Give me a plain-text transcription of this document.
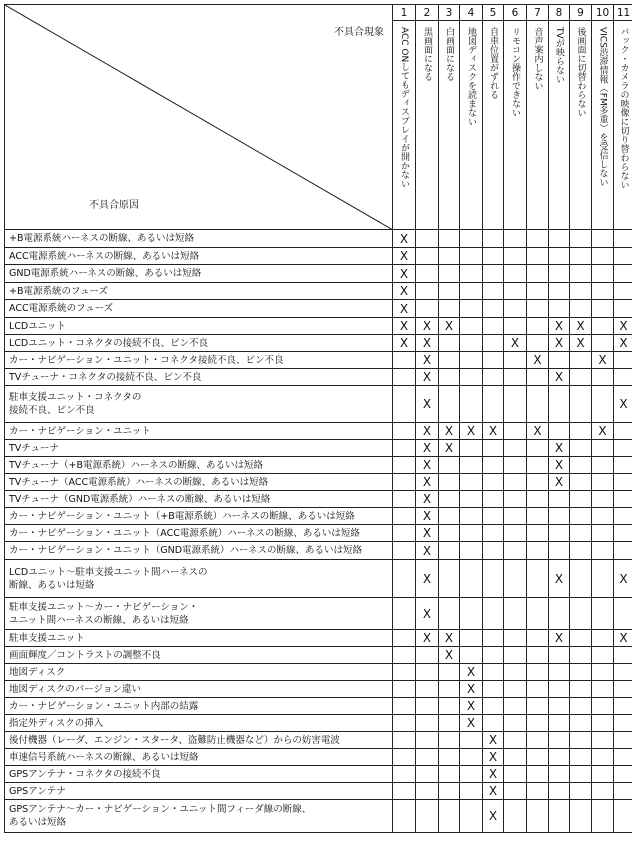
不具合現象
不具合原因	1	2	3	4	5	6	7	8	9	10	11

	ACC ONしてもディスプレイが開かない	黒画面になる	白画面になる	地図ディスクを読まない	自車位置がずれる	リモコン操作できない	音声案内しない	TVが映らない	後画面に切替わらない	VICS渋滞情報（FM多重）を受信しない	バック・カメラの映像に切り替わらない

+B電源系統ハーネスの断線、あるいは短絡	X										
ACC電源系統ハーネスの断線、あるいは短絡	X										
GND電源系統ハーネスの断線、あるいは短絡	X										
+B電源系統のフューズ	X										
ACC電源系統のフューズ	X										
LCDユニット	X	X	X					X	X		X
LCDユニット・コネクタの接続不良、ピン不良	X	X				X		X	X		X
カー・ナビゲーション・ユニット・コネクタ接続不良、ピン不良		X					X			X	
TVチューナ・コネクタの接続不良、ピン不良		X						X			
駐車支援ユニット・コネクタの
接続不良、ピン不良		X									X
カー・ナビゲーション・ユニット		X	X	X	X		X			X	
TVチューナ		X	X					X			
TVチューナ（+B電源系統）ハーネスの断線、あるいは短絡		X						X			
TVチューナ（ACC電源系統）ハーネスの断線、あるいは短絡		X						X			
TVチューナ（GND電源系統）ハーネスの断線、あるいは短絡		X									
カー・ナビゲーション・ユニット（+B電源系統）ハーネスの断線、あるいは短絡		X									
カー・ナビゲーション・ユニット（ACC電源系統）ハーネスの断線、あるいは短絡		X									
カー・ナビゲーション・ユニット（GND電源系統）ハーネスの断線、あるいは短絡		X									
LCDユニット〜駐車支援ユニット間ハーネスの
断線、あるいは短絡		X						X			X
駐車支援ユニット〜カー・ナビゲーション・
ユニット間ハーネスの断線、あるいは短絡		X									
駐車支援ユニット		X	X					X			X
画面輝度／コントラストの調整不良			X								
地図ディスク				X							
地図ディスクのバージョン違い				X							
カー・ナビゲーション・ユニット内部の結露				X							
指定外ディスクの挿入				X							
後付機器（レーダ、エンジン・スタータ、盗難防止機器など）からの妨害電波					X						
車速信号系統ハーネスの断線、あるいは短絡					X						
GPSアンテナ・コネクタの接続不良					X						
GPSアンテナ					X						
GPSアンテナ〜カー・ナビゲーション・ユニット間フィーダ線の断線、
あるいは短絡					X						
